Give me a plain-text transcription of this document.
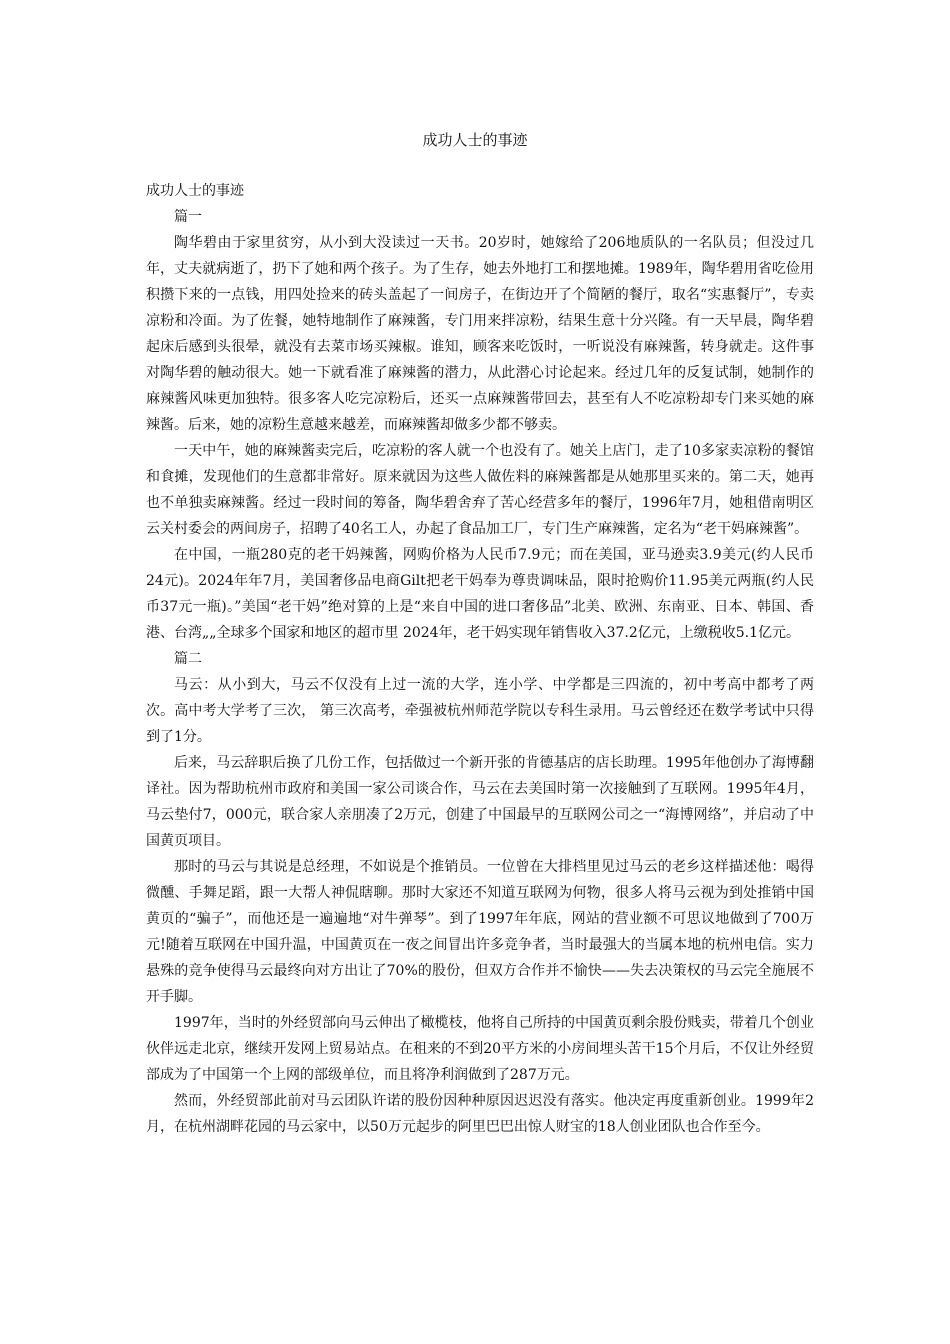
成功人士的事迹

成功人士的事迹

篇一

陶华碧由于家里贫穷，从小到大没读过一天书。20岁时，她嫁给了206地质队的一名队员；但没过几年，丈夫就病逝了，扔下了她和两个孩子。为了生存，她去外地打工和摆地摊。1989年，陶华碧用省吃俭用积攒下来的一点钱，用四处捡来的砖头盖起了一间房子，在街边开了个简陋的餐厅，取名“实惠餐厅”，专卖凉粉和冷面。为了佐餐，她特地制作了麻辣酱，专门用来拌凉粉，结果生意十分兴隆。有一天早晨，陶华碧起床后感到头很晕，就没有去菜市场买辣椒。谁知，顾客来吃饭时，一听说没有麻辣酱，转身就走。这件事对陶华碧的触动很大。她一下就看准了麻辣酱的潜力，从此潜心讨论起来。经过几年的反复试制，她制作的麻辣酱风味更加独特。很多客人吃完凉粉后，还买一点麻辣酱带回去，甚至有人不吃凉粉却专门来买她的麻辣酱。后来，她的凉粉生意越来越差，而麻辣酱却做多少都不够卖。

一天中午，她的麻辣酱卖完后，吃凉粉的客人就一个也没有了。她关上店门，走了10多家卖凉粉的餐馆和食摊，发现他们的生意都非常好。原来就因为这些人做佐料的麻辣酱都是从她那里买来的。第二天，她再也不单独卖麻辣酱。经过一段时间的筹备，陶华碧舍弃了苦心经营多年的餐厅，1996年7月，她租借南明区云关村委会的两间房子，招聘了40名工人，办起了食品加工厂，专门生产麻辣酱，定名为“老干妈麻辣酱”。

在中国，一瓶280克的老干妈辣酱，网购价格为人民币7.9元；而在美国，亚马逊卖3.9美元(约人民币24元)。2024年年7月，美国奢侈品电商Gilt把老干妈奉为尊贵调味品，限时抢购价11.95美元两瓶(约人民币37元一瓶)。”美国“老干妈”绝对算的上是“来自中国的进口奢侈品”北美、欧洲、东南亚、日本、韩国、香港、台湾„„全球多个国家和地区的超市里 2024年，老干妈实现年销售收入37.2亿元，上缴税收5.1亿元。

篇二

马云：从小到大，马云不仅没有上过一流的大学，连小学、中学都是三四流的，初中考高中都考了两次。高中考大学考了三次， 第三次高考，牵强被杭州师范学院以专科生录用。马云曾经还在数学考试中只得到了1分。

后来，马云辞职后换了几份工作，包括做过一个新开张的肯德基店的店长助理。1995年他创办了海博翻译社。因为帮助杭州市政府和美国一家公司谈合作，马云在去美国时第一次接触到了互联网。1995年4月，马云垫付7，000元，联合家人亲朋凑了2万元，创建了中国最早的互联网公司之一“海博网络”，并启动了中国黄页项目。

那时的马云与其说是总经理，不如说是个推销员。一位曾在大排档里见过马云的老乡这样描述他：喝得微醺、手舞足蹈，跟一大帮人神侃瞎聊。那时大家还不知道互联网为何物，很多人将马云视为到处推销中国黄页的“骗子”，而他还是一遍遍地“对牛弹琴”。到了1997年年底，网站的营业额不可思议地做到了700万元!随着互联网在中国升温，中国黄页在一夜之间冒出许多竞争者，当时最强大的当属本地的杭州电信。实力悬殊的竞争使得马云最终向对方出让了70%的股份，但双方合作并不愉快——失去决策权的马云完全施展不开手脚。

1997年，当时的外经贸部向马云伸出了橄榄枝，他将自己所持的中国黄页剩余股份贱卖，带着几个创业伙伴远走北京，继续开发网上贸易站点。在租来的不到20平方米的小房间埋头苦干15个月后，不仅让外经贸部成为了中国第一个上网的部级单位，而且将净利润做到了287万元。

然而，外经贸部此前对马云团队许诺的股份因种种原因迟迟没有落实。他决定再度重新创业。1999年2月，在杭州湖畔花园的马云家中，以50万元起步的阿里巴巴出惊人财宝的18人创业团队也合作至今。
